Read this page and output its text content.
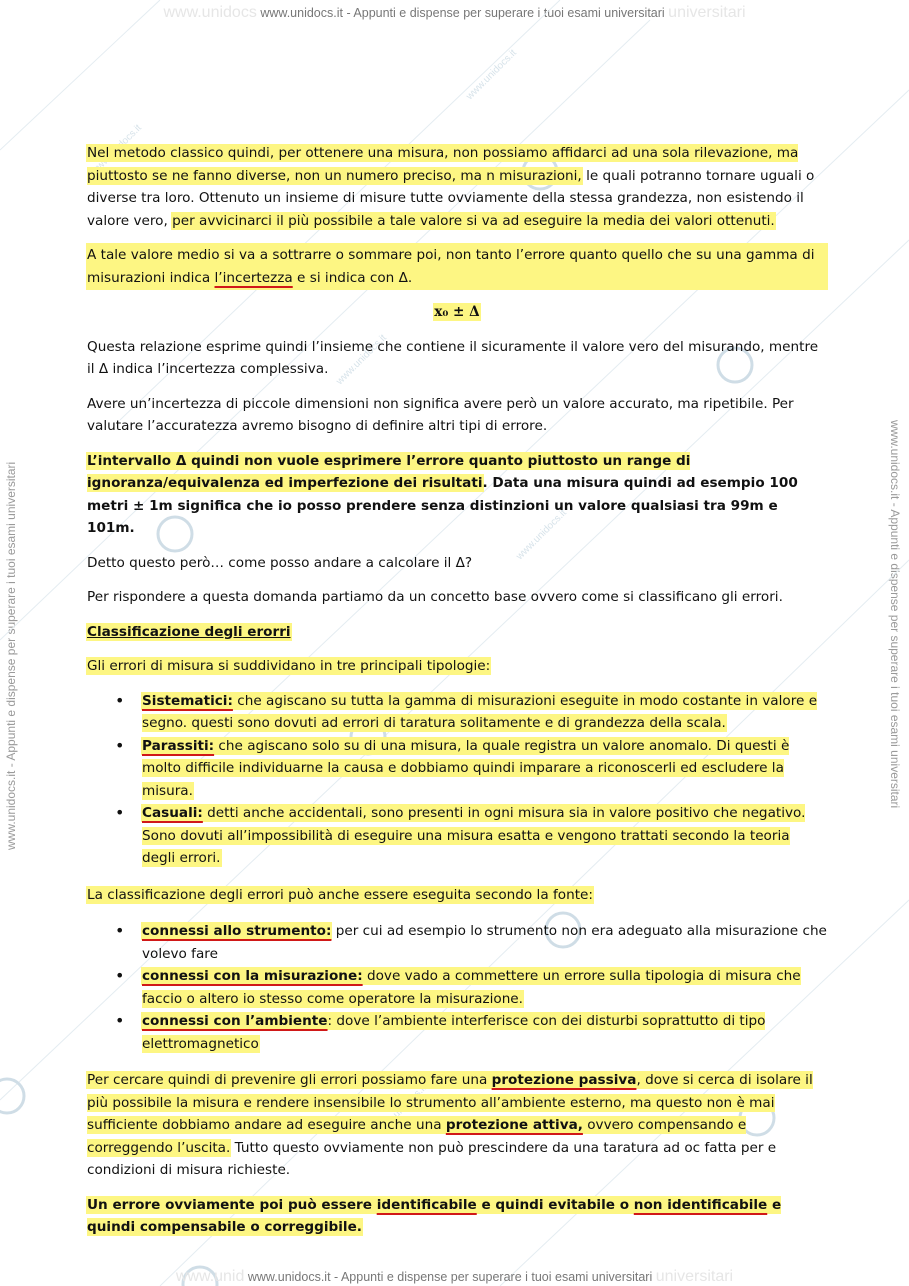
www.unidocs www.unidocs.it - Appunti e dispense per superare i tuoi esami universitari universitari
www.unidocs.it - Appunti e dispense per superare i tuoi esami universitari	www.unidocs.it - Appunti e dispense per superare i tuoi esami universitari
www.unidocs.it
www.unidocs.it
www.unidocs.it

Nel metodo classico quindi, per ottenere una misura, non possiamo affidarci ad una sola rilevazione, ma piuttosto se ne fanno diverse, non un numero preciso, ma n misurazioni, le quali potranno tornare uguali o diverse tra loro. Ottenuto un insieme di misure tutte ovviamente della stessa grandezza, non esistendo il valore vero, per avvicinarci il più possibile a tale valore si va ad eseguire la media dei valori ottenuti.

A tale valore medio si va a sottrarre o sommare poi, non tanto l’errore quanto quello che su una gamma di misurazioni indica l’incertezza e si indica con Δ.

x₀ ± Δ

Questa relazione esprime quindi l’insieme che contiene il sicuramente il valore vero del misurando, mentre il Δ indica l’incertezza complessiva.

Avere un’incertezza di piccole dimensioni non significa avere però un valore accurato, ma ripetibile. Per valutare l’accuratezza avremo bisogno di definire altri tipi di errore.

L’intervallo Δ quindi non vuole esprimere l’errore quanto piuttosto un range di ignoranza/equivalenza ed imperfezione dei risultati. Data una misura quindi ad esempio 100 metri ± 1m significa che io posso prendere senza distinzioni un valore qualsiasi tra 99m e 101m.

Detto questo però… come posso andare a calcolare il Δ?

Per rispondere a questa domanda partiamo da un concetto base ovvero come si classificano gli errori.

Classificazione degli erorri

Gli errori di misura si suddividano in tre principali tipologie:

• Sistematici: che agiscano su tutta la gamma di misurazioni eseguite in modo costante in valore e segno. questi sono dovuti ad errori di taratura solitamente e di grandezza della scala.
• Parassiti: che agiscano solo su di una misura, la quale registra un valore anomalo. Di questi è molto difficile individuarne la causa e dobbiamo quindi imparare a riconoscerli ed escludere la misura.
• Casuali: detti anche accidentali, sono presenti in ogni misura sia in valore positivo che negativo. Sono dovuti all’impossibilità di eseguire una misura esatta e vengono trattati secondo la teoria degli errori.

La classificazione degli errori può anche essere eseguita secondo la fonte:

• connessi allo strumento: per cui ad esempio lo strumento non era adeguato alla misurazione che volevo fare
• connessi con la misurazione: dove vado a commettere un errore sulla tipologia di misura che faccio o altero io stesso come operatore la misurazione.
• connessi con l’ambiente: dove l’ambiente interferisce con dei disturbi soprattutto di tipo elettromagnetico

Per cercare quindi di prevenire gli errori possiamo fare una protezione passiva, dove si cerca di isolare il più possibile la misura e rendere insensibile lo strumento all’ambiente esterno, ma questo non è mai sufficiente dobbiamo andare ad eseguire anche una protezione attiva, ovvero compensando e correggendo l’uscita. Tutto questo ovviamente non può prescindere da una taratura ad oc fatta per e condizioni di misura richieste.

Un errore ovviamente poi può essere identificabile e quindi evitabile o non identificabile e quindi compensabile o correggibile.

www.unid www.unidocs.it - Appunti e dispense per superare i tuoi esami universitari universitari
